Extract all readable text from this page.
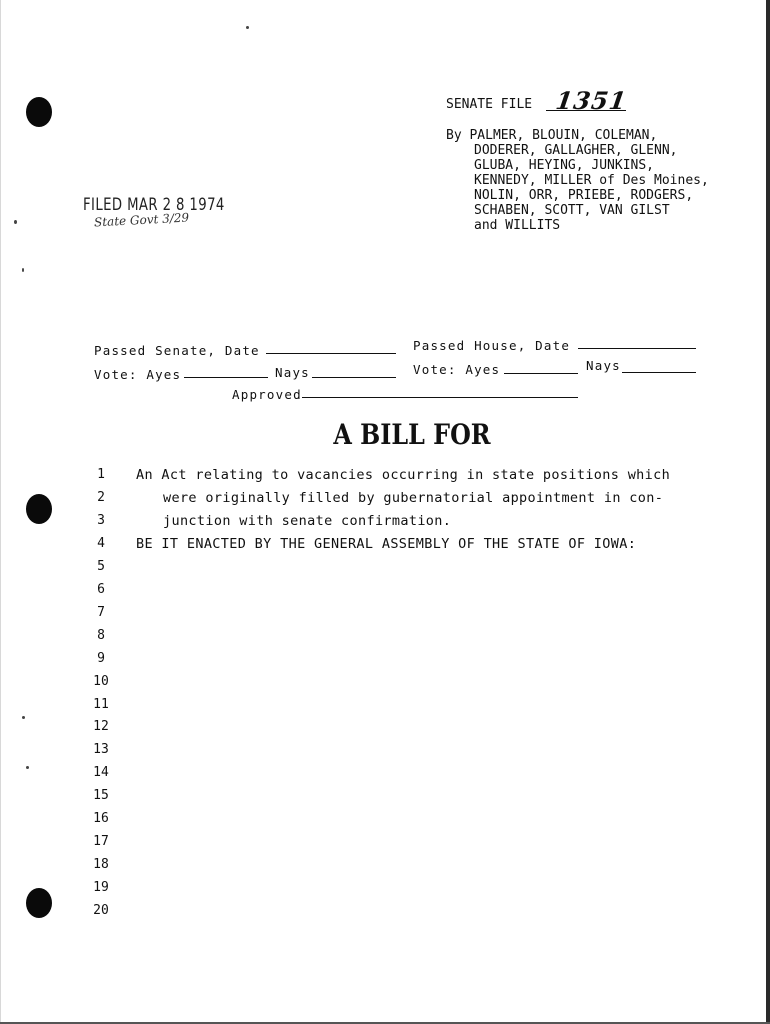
SENATE FILE 1351
By PALMER, BLOUIN, COLEMAN,
DODERER, GALLAGHER, GLENN,
GLUBA, HEYING, JUNKINS,
KENNEDY, MILLER of Des Moines,
NOLIN, ORR, PRIEBE, RODGERS,
SCHABEN, SCOTT, VAN GILST
and WILLITS
FILED MAR 2 8 1974
State Govt 3/29
Passed Senate, Date
Vote: Ayes	Nays
Passed House, Date
Vote: Ayes	Nays
Approved
A BILL FOR
1	An Act relating to vacancies occurring in state positions which
2	were originally filled by gubernatorial appointment in con-
3	junction with senate confirmation.
4	BE IT ENACTED BY THE GENERAL ASSEMBLY OF THE STATE OF IOWA:
5
6
7
8
9
10
11
12
13
14
15
16
17
18
19
20
